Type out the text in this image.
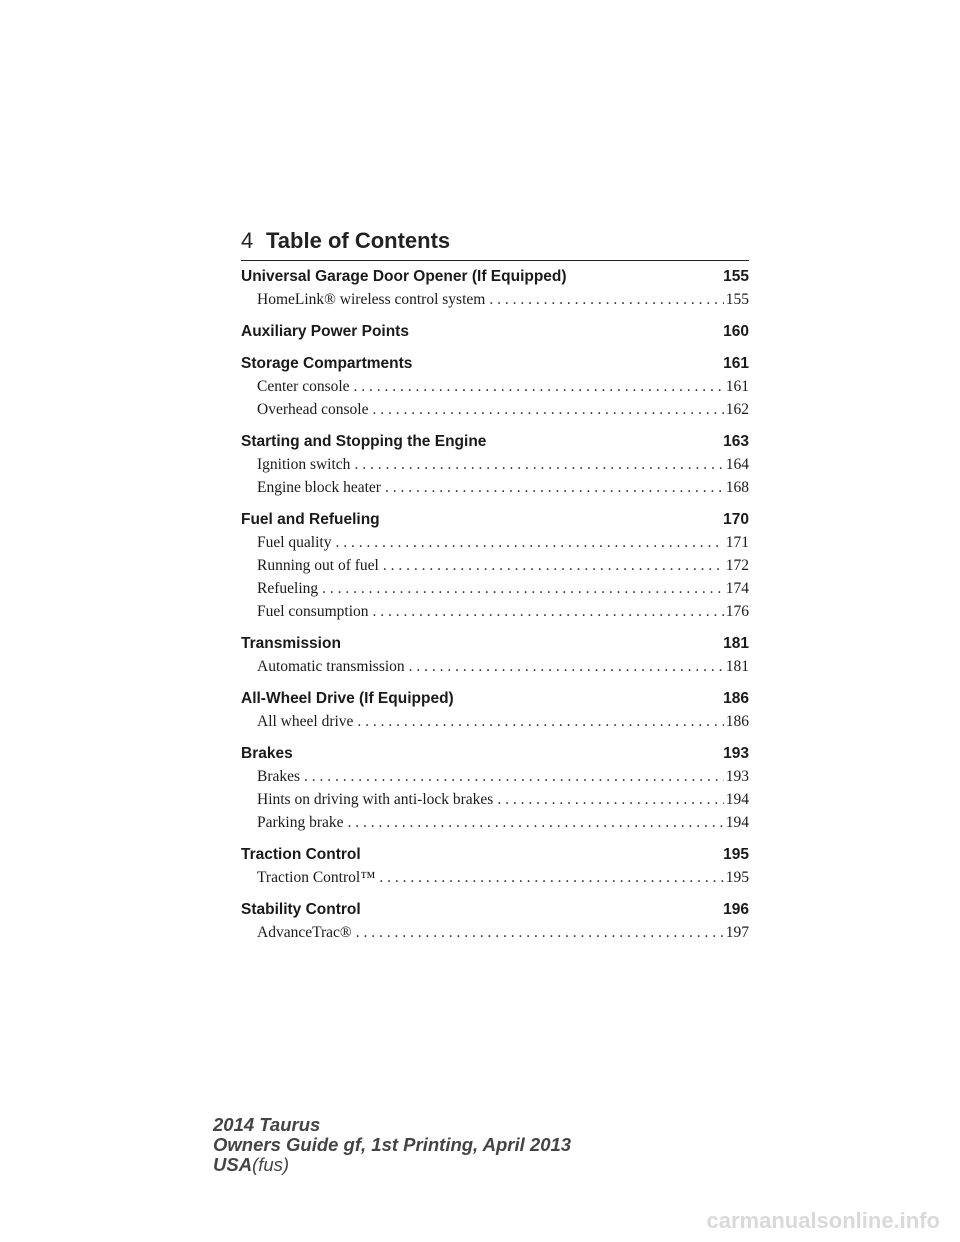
4 Table of Contents
Universal Garage Door Opener (If Equipped)	155
HomeLink® wireless control system . . .	155
Auxiliary Power Points	160
Storage Compartments	161
Center console . . .	161
Overhead console . . .	162
Starting and Stopping the Engine	163
Ignition switch . . .	164
Engine block heater . . .	168
Fuel and Refueling	170
Fuel quality . . .	171
Running out of fuel . . .	172
Refueling . . .	174
Fuel consumption . . .	176
Transmission	181
Automatic transmission . . .	181
All-Wheel Drive (If Equipped)	186
All wheel drive . . .	186
Brakes	193
Brakes . . .	193
Hints on driving with anti-lock brakes . . .	194
Parking brake . . .	194
Traction Control	195
Traction Control™ . . .	195
Stability Control	196
AdvanceTrac® . . .	197
2014 Taurus
Owners Guide gf, 1st Printing, April 2013
USA(fus)
carmanualsonline.info
